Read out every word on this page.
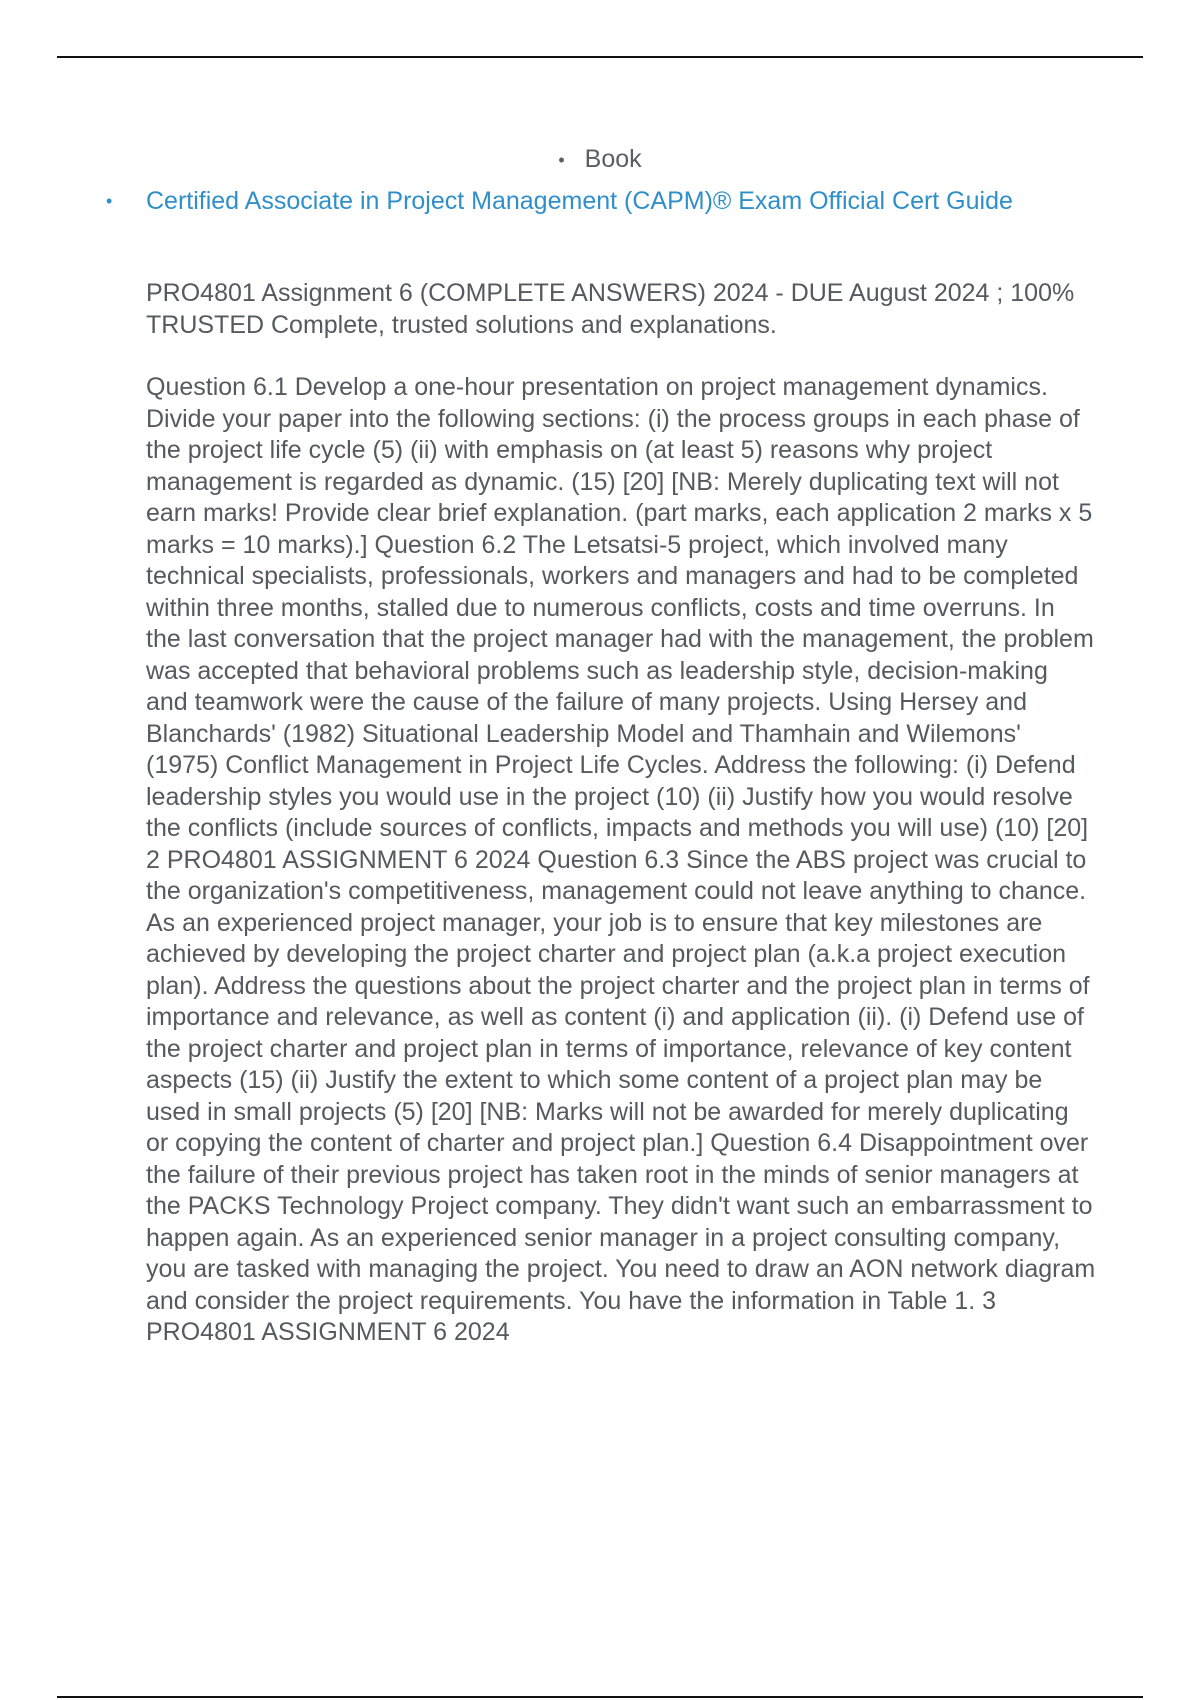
• Book
• Certified Associate in Project Management (CAPM)® Exam Official Cert Guide
PRO4801 Assignment 6 (COMPLETE ANSWERS) 2024 - DUE August 2024 ; 100% TRUSTED Complete, trusted solutions and explanations.
Question 6.1 Develop a one-hour presentation on project management dynamics. Divide your paper into the following sections: (i) the process groups in each phase of the project life cycle (5) (ii) with emphasis on (at least 5) reasons why project management is regarded as dynamic. (15) [20] [NB: Merely duplicating text will not earn marks! Provide clear brief explanation. (part marks, each application 2 marks x 5 marks = 10 marks).] Question 6.2 The Letsatsi-5 project, which involved many technical specialists, professionals, workers and managers and had to be completed within three months, stalled due to numerous conflicts, costs and time overruns. In the last conversation that the project manager had with the management, the problem was accepted that behavioral problems such as leadership style, decision-making and teamwork were the cause of the failure of many projects. Using Hersey and Blanchards' (1982) Situational Leadership Model and Thamhain and Wilemons' (1975) Conflict Management in Project Life Cycles. Address the following: (i) Defend leadership styles you would use in the project (10) (ii) Justify how you would resolve the conflicts (include sources of conflicts, impacts and methods you will use) (10) [20] 2 PRO4801 ASSIGNMENT 6 2024 Question 6.3 Since the ABS project was crucial to the organization's competitiveness, management could not leave anything to chance. As an experienced project manager, your job is to ensure that key milestones are achieved by developing the project charter and project plan (a.k.a project execution plan). Address the questions about the project charter and the project plan in terms of importance and relevance, as well as content (i) and application (ii). (i) Defend use of the project charter and project plan in terms of importance, relevance of key content aspects (15) (ii) Justify the extent to which some content of a project plan may be used in small projects (5) [20] [NB: Marks will not be awarded for merely duplicating or copying the content of charter and project plan.] Question 6.4 Disappointment over the failure of their previous project has taken root in the minds of senior managers at the PACKS Technology Project company. They didn't want such an embarrassment to happen again. As an experienced senior manager in a project consulting company, you are tasked with managing the project. You need to draw an AON network diagram and consider the project requirements. You have the information in Table 1. 3 PRO4801 ASSIGNMENT 6 2024
